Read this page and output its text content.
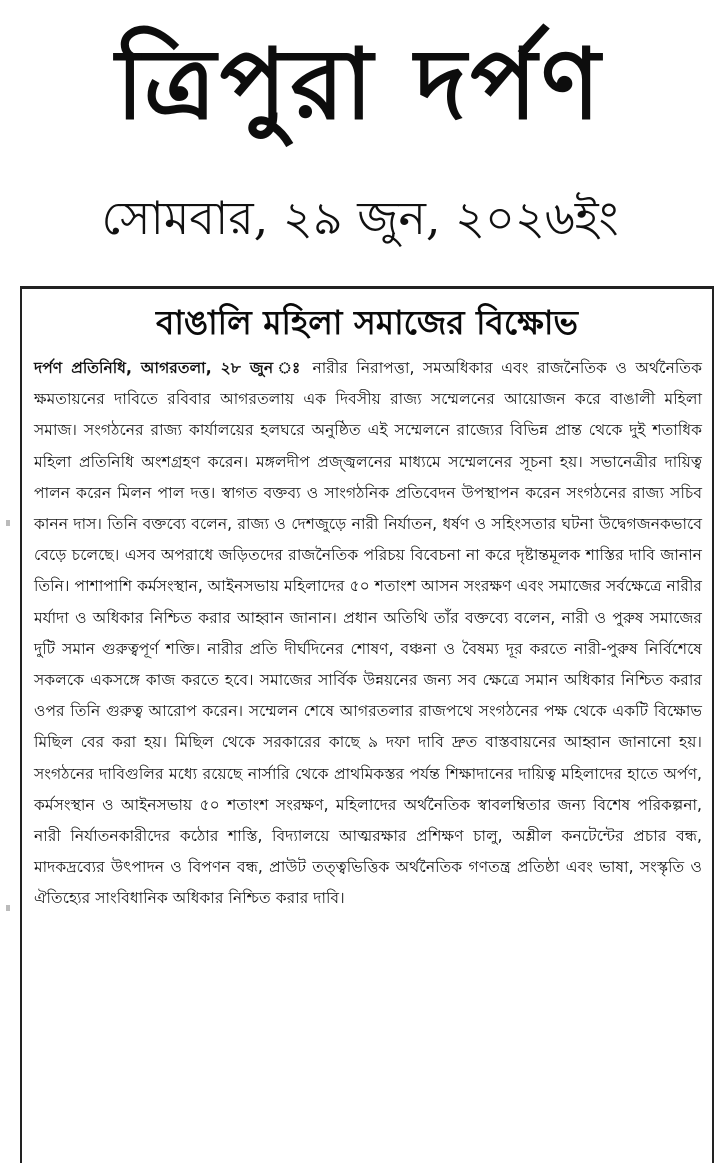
ত্রিপুরা দর্পণ
সোমবার, ২৯ জুন, ২০২৬ইং
বাঙালি মহিলা সমাজের বিক্ষোভ

দর্পণ প্রতিনিধি, আগরতলা, ২৮ জুন ঃ নারীর নিরাপত্তা, সমঅধিকার এবং রাজনৈতিক ও অর্থনৈতিক ক্ষমতায়নের দাবিতে রবিবার আগরতলায় এক দিবসীয় রাজ্য সম্মেলনের আয়োজন করে বাঙালী মহিলা সমাজ। সংগঠনের রাজ্য কার্যালয়ের হলঘরে অনুষ্ঠিত এই সম্মেলনে রাজ্যের বিভিন্ন প্রান্ত থেকে দুই শতাধিক মহিলা প্রতিনিধি অংশগ্রহণ করেন। মঙ্গলদীপ প্রজ্জ্বলনের মাধ্যমে সম্মেলনের সূচনা হয়। সভানেত্রীর দায়িত্ব পালন করেন মিলন পাল দত্ত। স্বাগত বক্তব্য ও সাংগঠনিক প্রতিবেদন উপস্থাপন করেন সংগঠনের রাজ্য সচিব কানন দাস। তিনি বক্তব্যে বলেন, রাজ্য ও দেশজুড়ে নারী নির্যাতন, ধর্ষণ ও সহিংসতার ঘটনা উদ্বেগজনকভাবে বেড়ে চলেছে। এসব অপরাধে জড়িতদের রাজনৈতিক পরিচয় বিবেচনা না করে দৃষ্টান্তমূলক শাস্তির দাবি জানান তিনি। পাশাপাশি কর্মসংস্থান, আইনসভায় মহিলাদের ৫০ শতাংশ আসন সংরক্ষণ এবং সমাজের সর্বক্ষেত্রে নারীর মর্যাদা ও অধিকার নিশ্চিত করার আহ্বান জানান। প্রধান অতিথি তাঁর বক্তব্যে বলেন, নারী ও পুরুষ সমাজের দুটি সমান গুরুত্বপূর্ণ শক্তি। নারীর প্রতি দীর্ঘদিনের শোষণ, বঞ্চনা ও বৈষম্য দূর করতে নারী-পুরুষ নির্বিশেষে সকলকে একসঙ্গে কাজ করতে হবে। সমাজের সার্বিক উন্নয়নের জন্য সব ক্ষেত্রে সমান অধিকার নিশ্চিত করার ওপর তিনি গুরুত্ব আরোপ করেন। সম্মেলন শেষে আগরতলার রাজপথে সংগঠনের পক্ষ থেকে একটি বিক্ষোভ মিছিল বের করা হয়। মিছিল থেকে সরকারের কাছে ৯ দফা দাবি দ্রুত বাস্তবায়নের আহ্বান জানানো হয়। সংগঠনের দাবিগুলির মধ্যে রয়েছে নার্সারি থেকে প্রাথমিকস্তর পর্যন্ত শিক্ষাদানের দায়িত্ব মহিলাদের হাতে অর্পণ, কর্মসংস্থান ও আইনসভায় ৫০ শতাংশ সংরক্ষণ, মহিলাদের অর্থনৈতিক স্বাবলম্বিতার জন্য বিশেষ পরিকল্পনা, নারী নির্যাতনকারীদের কঠোর শাস্তি, বিদ্যালয়ে আত্মরক্ষার প্রশিক্ষণ চালু, অশ্লীল কনটেন্টের প্রচার বন্ধ, মাদকদ্রব্যের উৎপাদন ও বিপণন বন্ধ, প্রাউট তত্ত্বভিত্তিক অর্থনৈতিক গণতন্ত্র প্রতিষ্ঠা এবং ভাষা, সংস্কৃতি ও ঐতিহ্যের সাংবিধানিক অধিকার নিশ্চিত করার দাবি।
